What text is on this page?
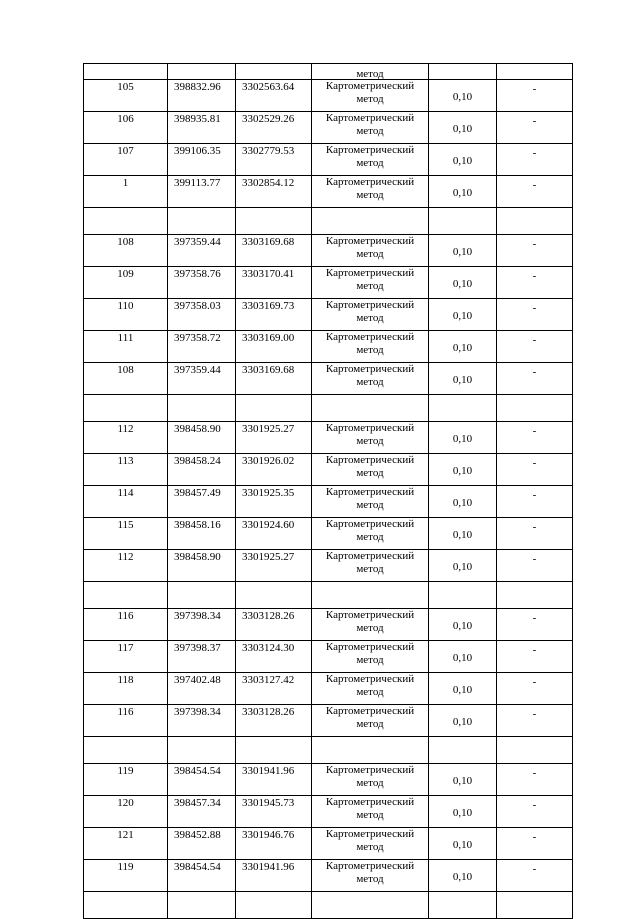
			метод		
105	398832.96	3302563.64	Картометрический метод	0,10	-
106	398935.81	3302529.26	Картометрический метод	0,10	-
107	399106.35	3302779.53	Картометрический метод	0,10	-
1	399113.77	3302854.12	Картометрический метод	0,10	-

108	397359.44	3303169.68	Картометрический метод	0,10	-
109	397358.76	3303170.41	Картометрический метод	0,10	-
110	397358.03	3303169.73	Картометрический метод	0,10	-
111	397358.72	3303169.00	Картометрический метод	0,10	-
108	397359.44	3303169.68	Картометрический метод	0,10	-

112	398458.90	3301925.27	Картометрический метод	0,10	-
113	398458.24	3301926.02	Картометрический метод	0,10	-
114	398457.49	3301925.35	Картометрический метод	0,10	-
115	398458.16	3301924.60	Картометрический метод	0,10	-
112	398458.90	3301925.27	Картометрический метод	0,10	-

116	397398.34	3303128.26	Картометрический метод	0,10	-
117	397398.37	3303124.30	Картометрический метод	0,10	-
118	397402.48	3303127.42	Картометрический метод	0,10	-
116	397398.34	3303128.26	Картометрический метод	0,10	-

119	398454.54	3301941.96	Картометрический метод	0,10	-
120	398457.34	3301945.73	Картометрический метод	0,10	-
121	398452.88	3301946.76	Картометрический метод	0,10	-
119	398454.54	3301941.96	Картометрический метод	0,10	-
